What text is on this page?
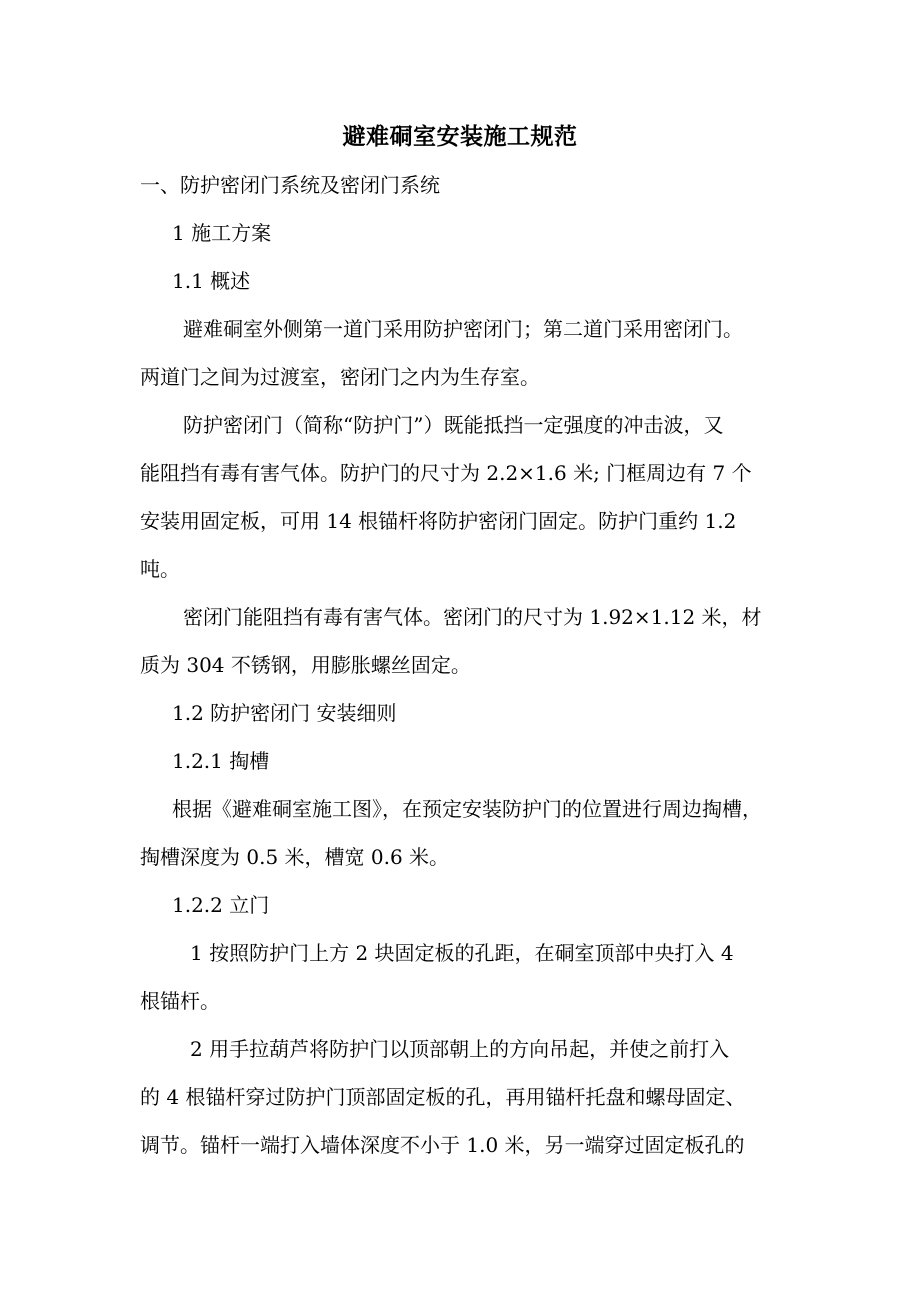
避难硐室安装施工规范
一、防护密闭门系统及密闭门系统
1 施工方案
1.1 概述
避难硐室外侧第一道门采用防护密闭门；第二道门采用密闭门。
两道门之间为过渡室，密闭门之内为生存室。
防护密闭门（简称“防护门”）既能抵挡一定强度的冲击波，又
能阻挡有毒有害气体。防护门的尺寸为 2.2×1.6 米; 门框周边有 7 个
安装用固定板，可用 14 根锚杆将防护密闭门固定。防护门重约 1.2
吨。
密闭门能阻挡有毒有害气体。密闭门的尺寸为 1.92×1.12 米，材
质为 304 不锈钢，用膨胀螺丝固定。
1.2 防护密闭门 安装细则
1.2.1 掏槽
根据《避难硐室施工图》，在预定安装防护门的位置进行周边掏槽，
掏槽深度为 0.5 米，槽宽 0.6 米。
1.2.2 立门
1 按照防护门上方 2 块固定板的孔距，在硐室顶部中央打入 4
根锚杆。
2 用手拉葫芦将防护门以顶部朝上的方向吊起，并使之前打入
的 4 根锚杆穿过防护门顶部固定板的孔，再用锚杆托盘和螺母固定、
调节。锚杆一端打入墙体深度不小于 1.0 米，另一端穿过固定板孔的
